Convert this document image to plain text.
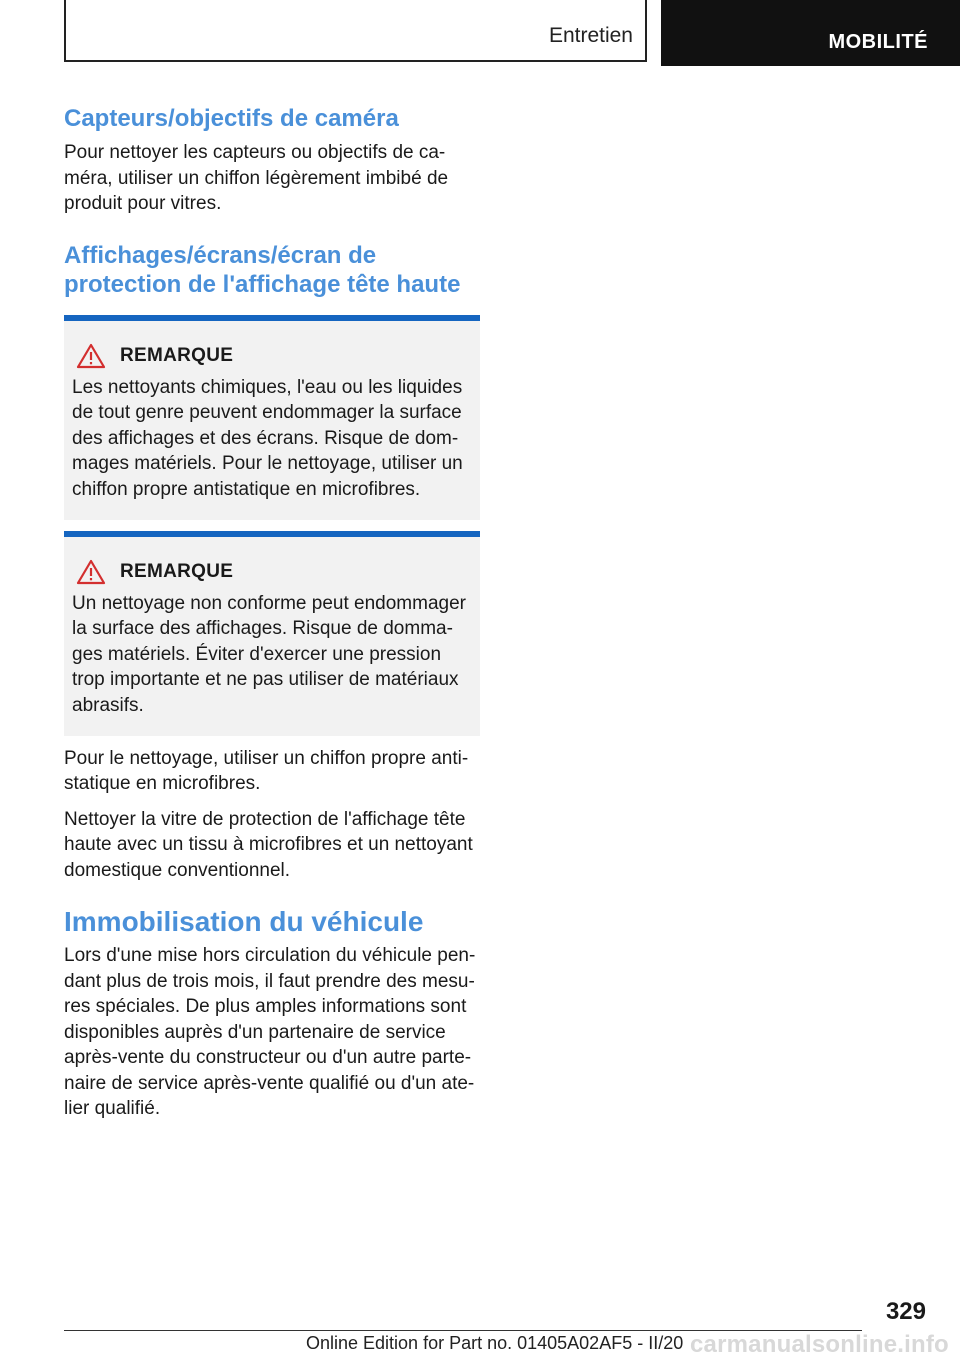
Entretien	MOBILITÉ
Capteurs/objectifs de caméra

Pour nettoyer les capteurs ou objectifs de ca-
méra, utiliser un chiffon légèrement imbibé de
produit pour vitres.

Affichages/écrans/écran de
protection de l'affichage tête haute
REMARQUE

Les nettoyants chimiques, l'eau ou les liquides
de tout genre peuvent endommager la surface
des affichages et des écrans. Risque de dom-
mages matériels. Pour le nettoyage, utiliser un
chiffon propre antistatique en microfibres.

REMARQUE

Un nettoyage non conforme peut endommager
la surface des affichages. Risque de domma-
ges matériels. Éviter d'exercer une pression
trop importante et ne pas utiliser de matériaux
abrasifs.

Pour le nettoyage, utiliser un chiffon propre anti-
statique en microfibres.

Nettoyer la vitre de protection de l'affichage tête
haute avec un tissu à microfibres et un nettoyant
domestique conventionnel.

Immobilisation du véhicule

Lors d'une mise hors circulation du véhicule pen-
dant plus de trois mois, il faut prendre des mesu-
res spéciales. De plus amples informations sont
disponibles auprès d'un partenaire de service
après-vente du constructeur ou d'un autre parte-
naire de service après-vente qualifié ou d'un ate-
lier qualifié.

329
Online Edition for Part no. 01405A02AF5 - II/20 carmanualsonline.info
